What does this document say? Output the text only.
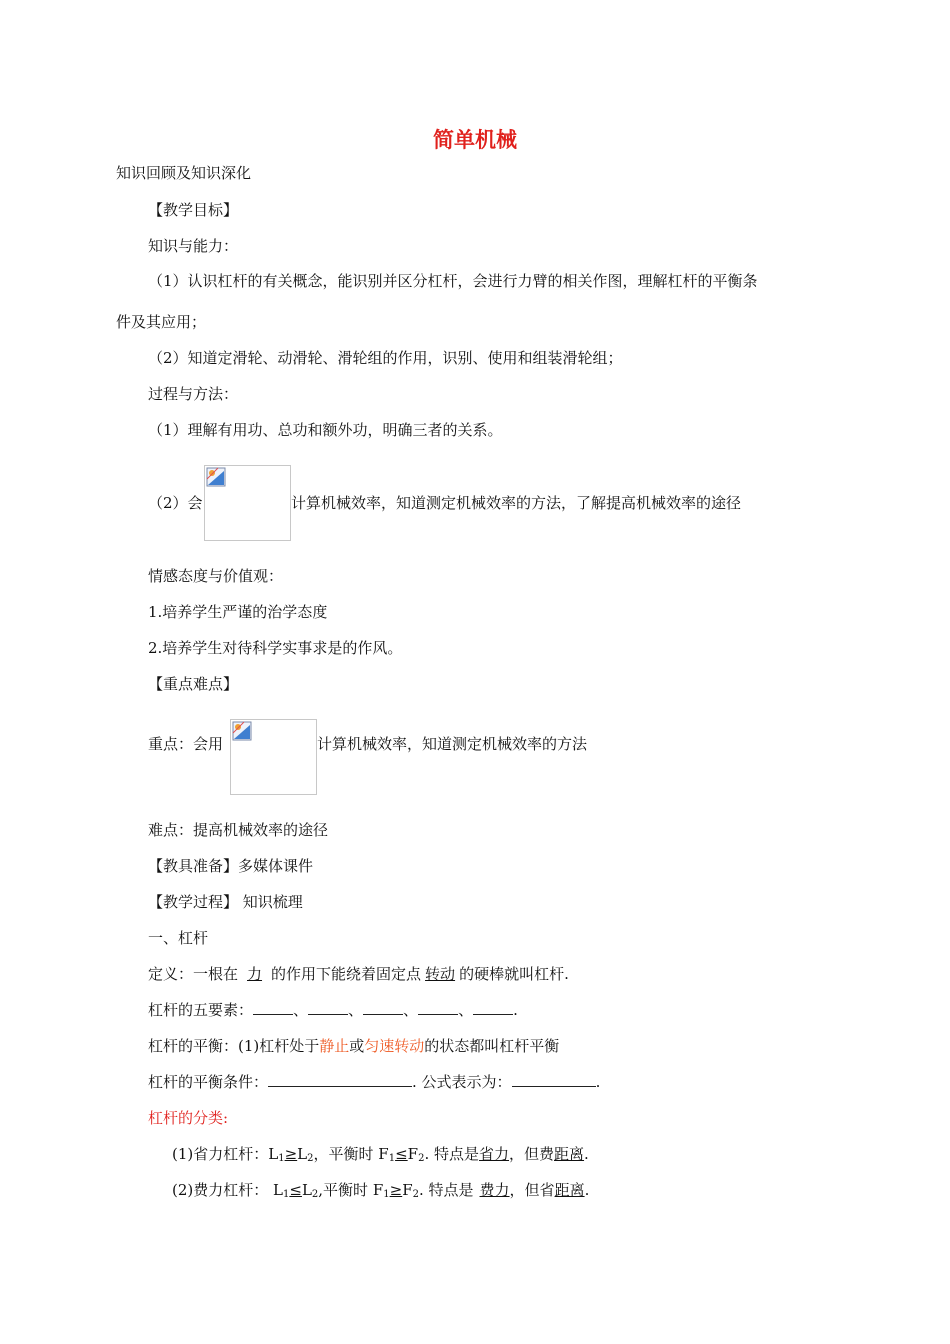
简单机械
知识回顾及知识深化
【教学目标】
知识与能力：
（1）认识杠杆的有关概念，能识别并区分杠杆，会进行力臂的相关作图，理解杠杆的平衡条
件及其应用；
（2）知道定滑轮、动滑轮、滑轮组的作用，识别、使用和组装滑轮组；
过程与方法：
（1）理解有用功、总功和额外功，明确三者的关系。
（2）会	计算机械效率，知道测定机械效率的方法，了解提高机械效率的途径
情感态度与价值观：
1.培养学生严谨的治学态度
2.培养学生对待科学实事求是的作风。
【重点难点】
重点：会用	计算机械效率，知道测定机械效率的方法
难点：提高机械效率的途径
【教具准备】多媒体课件
【教学过程】 知识梳理
一、杠杆
定义：一根在 力 的作用下能绕着固定点 转动 的硬棒就叫杠杆.
杠杆的五要素：	、	、	、	、	.
杠杆的平衡：(1)杠杆处于静止或匀速转动的状态都叫杠杆平衡
杠杆的平衡条件：	. 公式表示为：	.
杠杆的分类:
(1)省力杠杆：$L_1\ge L_2$，平衡时 $F_1\le F_2$. 特点是省力，但费距离.
(2)费力杠杆： $L_1\le L_2$,平衡时 $F_1\ge F_2$. 特点是 费力，但省距离.
